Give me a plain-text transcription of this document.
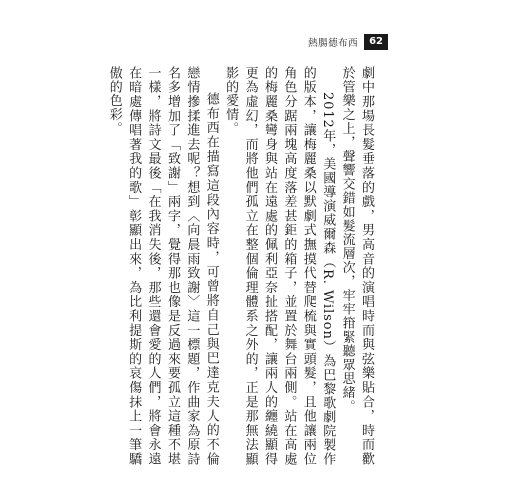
熱腸德布西	62

劇中那場長髮垂落的戲，男高音的演唱時而與弦樂貼合，時而歡於管樂之上，聲響交錯如髮流層次，牢牢箝緊聽眾思緒。

2012年，美國導演威爾森（R. Wilson）為巴黎歌劇院製作的版本，讓梅麗桑以默劇式撫摸代替爬梳與實頭髮，且他讓兩位角色分踞兩塊高度落差甚鉅的箱子，並置於舞台兩側。站在高處的梅麗桑彎身與站在遠處的佩利亞奈扯搭配，讓兩人的纏繞顯得更為虛幻，而將他們孤立在整個倫理體系之外的，正是那無法顯影的愛情。

德布西在描寫這段內容時，可曾將自己與巴達克夫人的不倫戀情摻揉進去呢？想到〈向晨雨致謝〉這一標題，作曲家為原詩名多增加了「致謝」兩字，覺得那也像是反過來要孤立這種不堪一樣，將詩文最後「在我消失後，那些還會愛的人們，將會永遠在暗處傳唱著我的歌」彰顯出來，為比利提斯的哀傷抹上一筆驕傲的色彩。
